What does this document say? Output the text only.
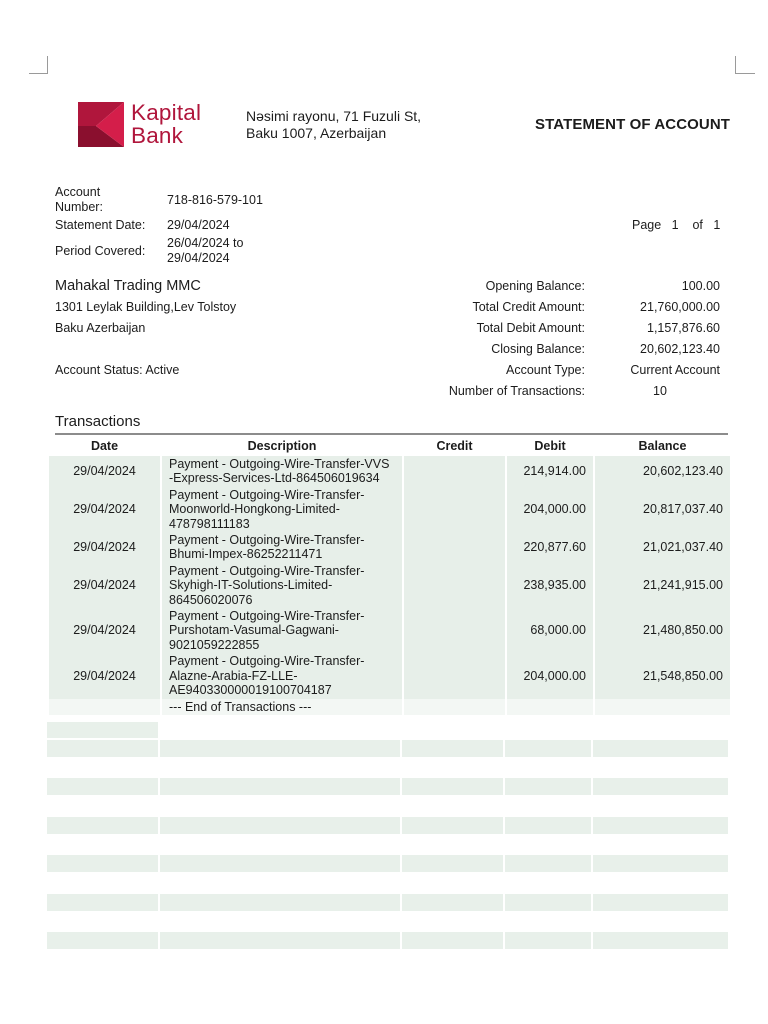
Kapital
Bank
Nəsimi rayonu, 71 Fuzuli St,
Baku 1007, Azerbaijan	STATEMENT OF ACCOUNT
Account
Number:	718-816-579-101
Statement Date: 29/04/2024
Period Covered:
26/04/2024 to
29/04/2024
Page 1 of 1
Mahakal Trading MMC
1301 Leylak Building,Lev Tolstoy
Baku Azerbaijan
Account Status: Active
Opening Balance:	100.00
Total Credit Amount:	21,760,000.00
Total Debit Amount:	1,157,876.60
Closing Balance:	20,602,123.40
Account Type:	Current Account
Number of Transactions:	10
Transactions
Date	Description	Credit	Debit	Balance
29/04/2024	Payment - Outgoing-Wire-Transfer-VVS
-Express-Services-Ltd-864506019634		214,914.00	20,602,123.40
29/04/2024	Payment - Outgoing-Wire-Transfer-
Moonworld-Hongkong-Limited-
478798111183		204,000.00	20,817,037.40
29/04/2024	Payment - Outgoing-Wire-Transfer-
Bhumi-Impex-86252211471		220,877.60	21,021,037.40
29/04/2024	Payment - Outgoing-Wire-Transfer-
Skyhigh-IT-Solutions-Limited-
864506020076		238,935.00	21,241,915.00
29/04/2024	Payment - Outgoing-Wire-Transfer-
Purshotam-Vasumal-Gagwani-
9021059222855		68,000.00	21,480,850.00
29/04/2024	Payment - Outgoing-Wire-Transfer-
Alazne-Arabia-FZ-LLE-
AE940330000019100704187		204,000.00	21,548,850.00
	--- End of Transactions ---			
